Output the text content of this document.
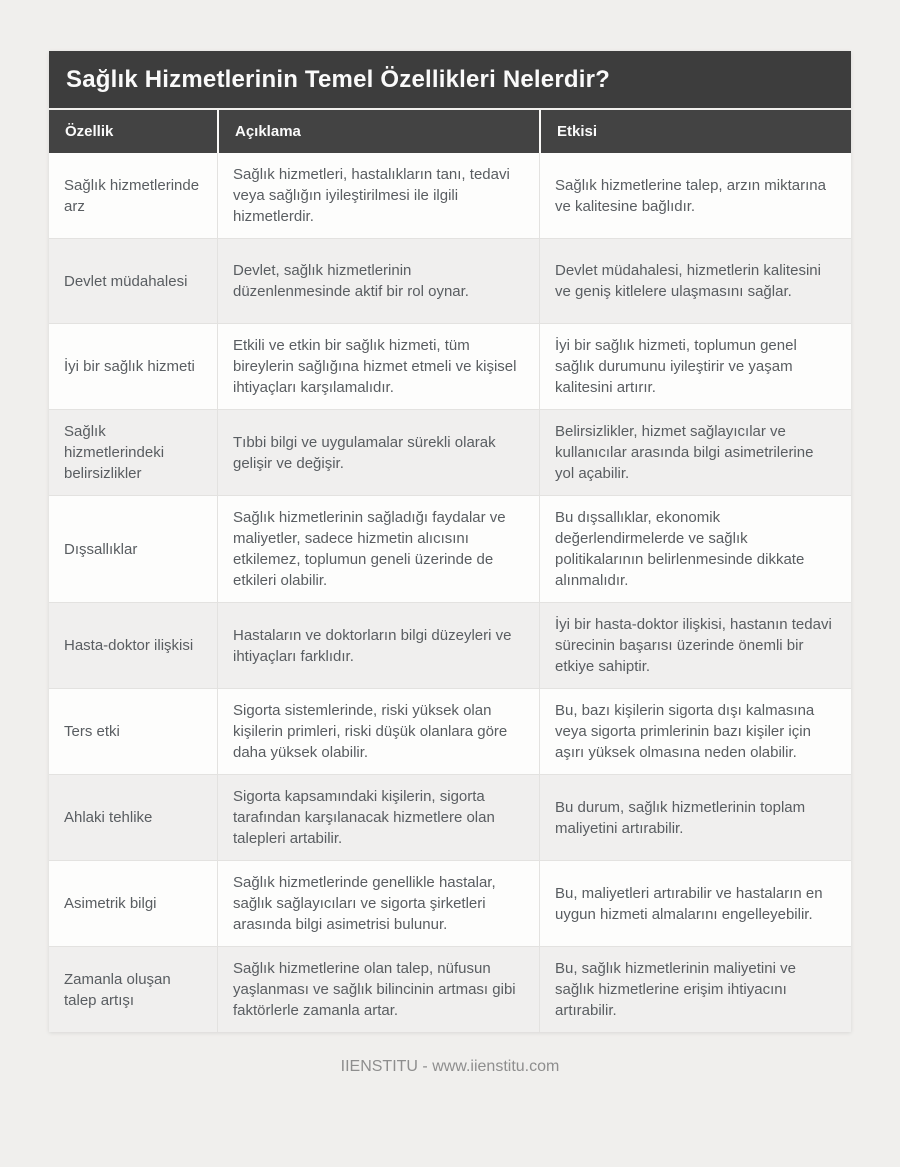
Sağlık Hizmetlerinin Temel Özellikleri Nelerdir?
Özellik	Açıklama	Etkisi
Sağlık hizmetlerinde arz	Sağlık hizmetleri, hastalıkların tanı, tedavi veya sağlığın iyileştirilmesi ile ilgili hizmetlerdir.	Sağlık hizmetlerine talep, arzın miktarına ve kalitesine bağlıdır.
Devlet müdahalesi	Devlet, sağlık hizmetlerinin düzenlenmesinde aktif bir rol oynar.	Devlet müdahalesi, hizmetlerin kalitesini ve geniş kitlelere ulaşmasını sağlar.
İyi bir sağlık hizmeti	Etkili ve etkin bir sağlık hizmeti, tüm bireylerin sağlığına hizmet etmeli ve kişisel ihtiyaçları karşılamalıdır.	İyi bir sağlık hizmeti, toplumun genel sağlık durumunu iyileştirir ve yaşam kalitesini artırır.
Sağlık hizmetlerindeki belirsizlikler	Tıbbi bilgi ve uygulamalar sürekli olarak gelişir ve değişir.	Belirsizlikler, hizmet sağlayıcılar ve kullanıcılar arasında bilgi asimetrilerine yol açabilir.
Dışsallıklar	Sağlık hizmetlerinin sağladığı faydalar ve maliyetler, sadece hizmetin alıcısını etkilemez, toplumun geneli üzerinde de etkileri olabilir.	Bu dışsallıklar, ekonomik değerlendirmelerde ve sağlık politikalarının belirlenmesinde dikkate alınmalıdır.
Hasta-doktor ilişkisi	Hastaların ve doktorların bilgi düzeyleri ve ihtiyaçları farklıdır.	İyi bir hasta-doktor ilişkisi, hastanın tedavi sürecinin başarısı üzerinde önemli bir etkiye sahiptir.
Ters etki	Sigorta sistemlerinde, riski yüksek olan kişilerin primleri, riski düşük olanlara göre daha yüksek olabilir.	Bu, bazı kişilerin sigorta dışı kalmasına veya sigorta primlerinin bazı kişiler için aşırı yüksek olmasına neden olabilir.
Ahlaki tehlike	Sigorta kapsamındaki kişilerin, sigorta tarafından karşılanacak hizmetlere olan talepleri artabilir.	Bu durum, sağlık hizmetlerinin toplam maliyetini artırabilir.
Asimetrik bilgi	Sağlık hizmetlerinde genellikle hastalar, sağlık sağlayıcıları ve sigorta şirketleri arasında bilgi asimetrisi bulunur.	Bu, maliyetleri artırabilir ve hastaların en uygun hizmeti almalarını engelleyebilir.
Zamanla oluşan talep artışı	Sağlık hizmetlerine olan talep, nüfusun yaşlanması ve sağlık bilincinin artması gibi faktörlerle zamanla artar.	Bu, sağlık hizmetlerinin maliyetini ve sağlık hizmetlerine erişim ihtiyacını artırabilir.
IIENSTITU - www.iienstitu.com
